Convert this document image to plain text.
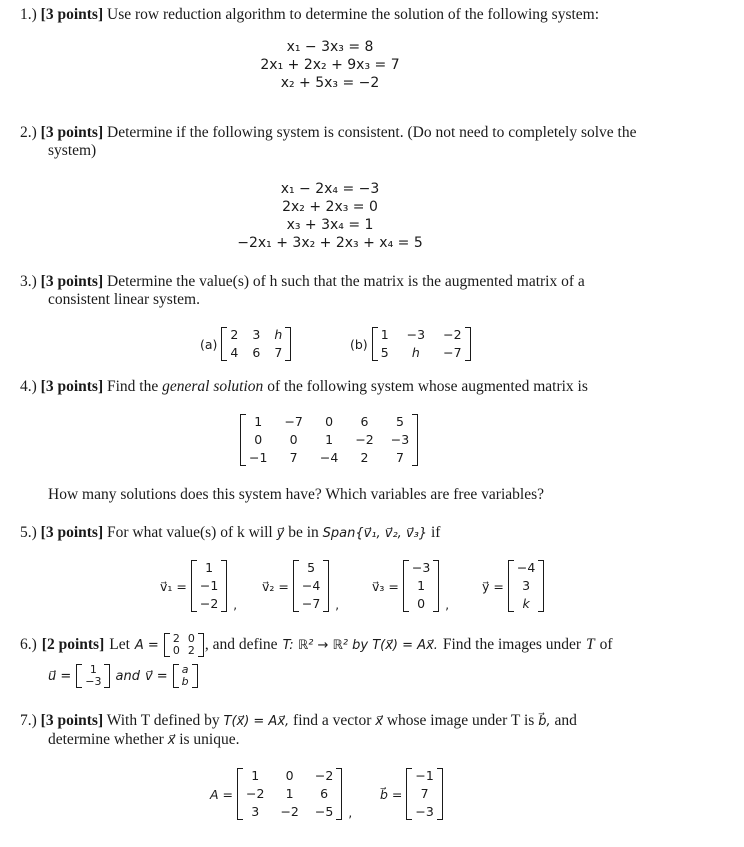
1.) [3 points] Use row reduction algorithm to determine the solution of the following system:
x₁ − 3x₃ = 8
2x₁ + 2x₂ + 9x₃ = 7
x₂ + 5x₃ = −2
2.) [3 points] Determine if the following system is consistent. (Do not need to completely solve the
system)
x₁ − 2x₄ = −3
2x₂ + 2x₃ = 0
x₃ + 3x₄ = 1
−2x₁ + 3x₂ + 2x₃ + x₄ = 5
3.) [3 points] Determine the value(s) of h such that the matrix is the augmented matrix of a
consistent linear system.
(a)
2 3 h
4 6 7
(b)
1 −3 −2
5	h	−7
4.) [3 points] Find the general solution of the following system whose augmented matrix is
1	−7	0	6	5
0	0	1	−2 −3
−1	7	−4	2	7
How many solutions does this system have? Which variables are free variables?
5.) [3 points] For what value(s) of k will y⃗ be in Span{v⃗₁, v⃗₂, v⃗₃} if
v⃗₁ =
1
−1
−2 ,
v⃗₂ =
5
−4
−7 ,
v⃗₃ =
−3
1
0	,
y⃗ =
−4
3
k
6.) [2 points] Let A = 2 0
0 2 , and define T: ℝ² → ℝ² by T(x⃗) = Ax⃗. Find the images under T of
u⃗ =	1
−3 and v⃗ = a
b
7.) [3 points] With T defined by T(x⃗) = Ax⃗, find a vector x⃗ whose image under T is b⃗, and
determine whether x⃗ is unique.
A =
1	0	−2
−2	1	6
3	−2 −5 ,
b⃗ =
−1
7
−3
